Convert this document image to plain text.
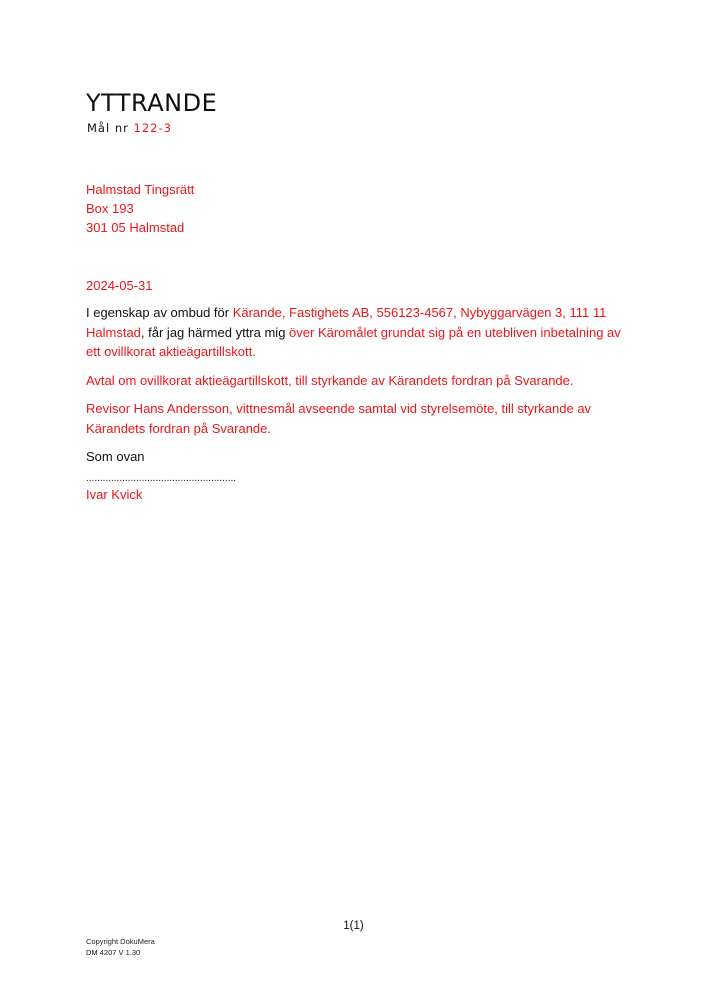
YTTRANDE
Mål nr 122-3
Halmstad Tingsrätt
Box 193
301 05 Halmstad
2024-05-31

I egenskap av ombud för Kärande, Fastighets AB, 556123-4567, Nybyggarvägen 3, 111 11 Halmstad, får jag härmed yttra mig över Käromålet grundat sig på en utebliven inbetalning av ett ovillkorat aktieägartillskott.

Avtal om ovillkorat aktieägartillskott, till styrkande av Kärandets fordran på Svarande.

Revisor Hans Andersson, vittnesmål avseende samtal vid styrelsemöte, till styrkande av Kärandets fordran på Svarande.

Som ovan

......................................................
Ivar Kvick
1(1)
Copyright DokuMera
DM 4207 V 1.30
